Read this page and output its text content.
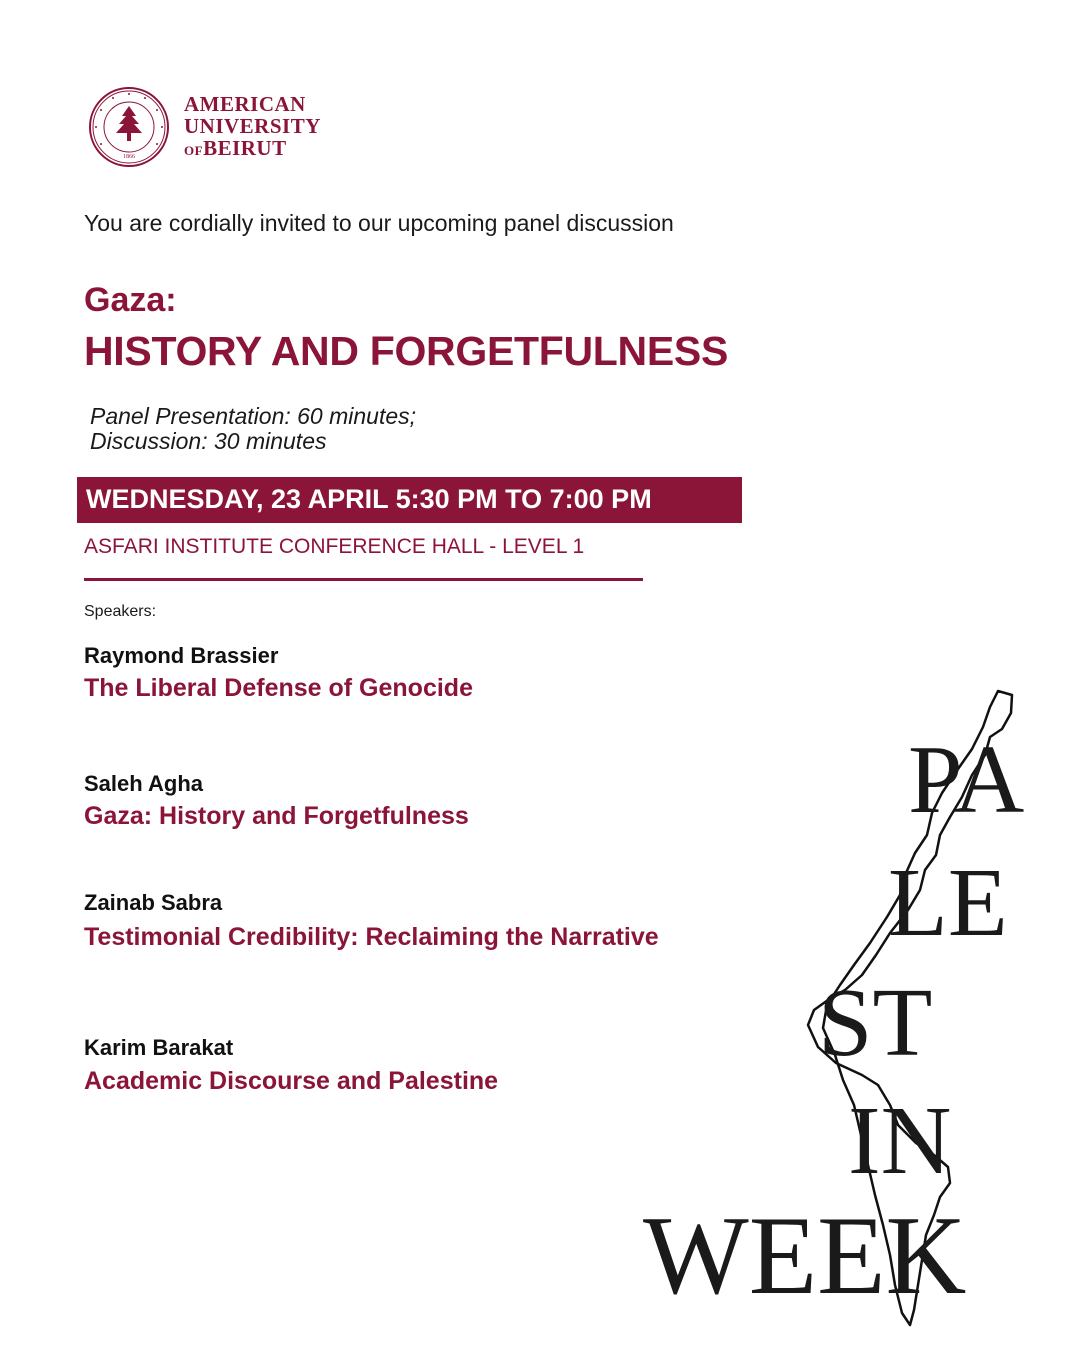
1866
AMERICAN
UNIVERSITY
OFBEIRUT
You are cordially invited to our upcoming panel discussion
Gaza:
HISTORY AND FORGETFULNESS
Panel Presentation: 60 minutes;
Discussion: 30 minutes
WEDNESDAY, 23 APRIL 5:30 PM TO 7:00 PM
ASFARI INSTITUTE CONFERENCE HALL - LEVEL 1
Speakers:
Raymond Brassier
The Liberal Defense of Genocide
Saleh Agha
Gaza: History and Forgetfulness
Zainab Sabra
Testimonial Credibility: Reclaiming the Narrative
Karim Barakat
Academic Discourse and Palestine
PA
LE
ST
IN
WEEK
